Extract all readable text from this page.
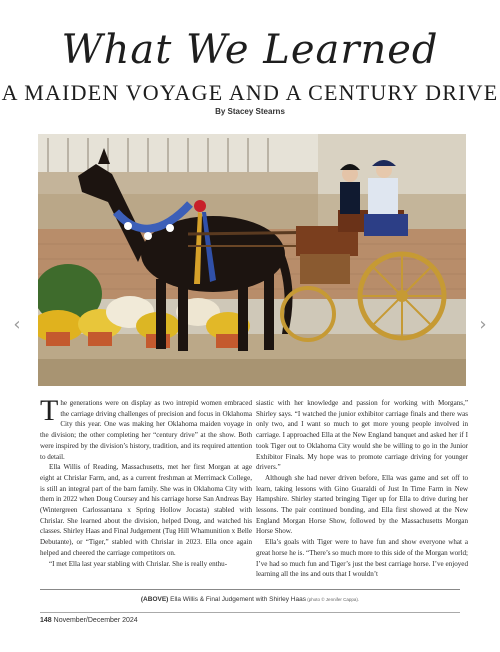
What We Learned
A MAIDEN VOYAGE AND A CENTURY DRIVE
By Stacey Stearns
‹	›
T he generations were on display as two intrepid women embraced the carriage driving challenges of precision and focus in Oklahoma City this year. One was making her Oklahoma maiden voyage in the division; the other completing her “century drive” at the show. Both were inspired by the division’s history, tradition, and its required attention to detail.

Ella Willis of Reading, Massachusetts, met her first Morgan at age eight at Chrislar Farm, and, as a current freshman at Merrimack College, is still an integral part of the barn family. She was in Oklahoma City with them in 2022 when Doug Coursey and his carriage horse San Andreas Bay (Wintergreen Carlossantana x Spring Hollow Jocasta) stabled with Chrislar. She learned about the division, helped Doug, and watched his classes. Shirley Haas and Final Judgement (Tug Hill Whamunition x Belle Debutante), or “Tiger,” stabled with Chrislar in 2023. Ella once again helped and cheered the carriage competitors on.

“I met Ella last year stabling with Chrislar. She is really enthu-

siastic with her knowledge and passion for working with Morgans,” Shirley says. “I watched the junior exhibitor carriage finals and there was only two, and I want so much to get more young people involved in carriage. I approached Ella at the New England banquet and asked her if I took Tiger out to Oklahoma City would she be willing to go in the Junior Exhibitor Finals. My hope was to promote carriage driving for younger drivers.”

Although she had never driven before, Ella was game and set off to learn, taking lessons with Gino Guaraldi of Just In Time Farm in New Hampshire. Shirley started bringing Tiger up for Ella to drive during her lessons. The pair continued bonding, and Ella first showed at the New England Morgan Horse Show, followed by the Massachusetts Morgan Horse Show.

Ella’s goals with Tiger were to have fun and show everyone what a great horse he is. “There’s so much more to this side of the Morgan world; I’ve had so much fun and Tiger’s just the best carriage horse. I’ve enjoyed learning all the ins and outs that I wouldn’t

(ABOVE) Ella Willis & Final Judgement with Shirley Haas (photo © Jennifer Cappa).
148 November/December 2024
